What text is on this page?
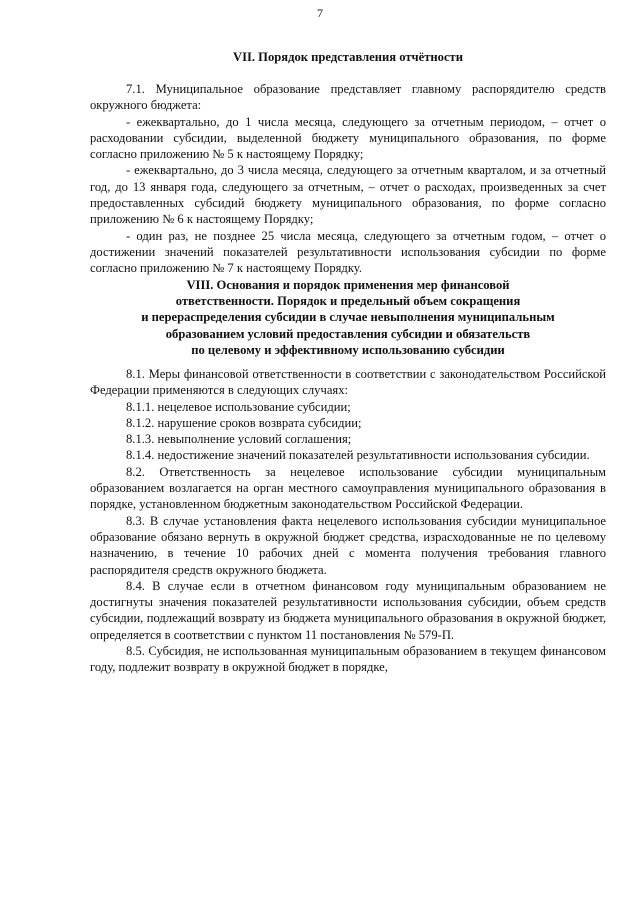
7
VII. Порядок представления отчётности

7.1. Муниципальное образование представляет главному распорядителю средств окружного бюджета:

- ежеквартально, до 1 числа месяца, следующего за отчетным периодом, – отчет о расходовании субсидии, выделенной бюджету муниципального образования, по форме согласно приложению № 5 к настоящему Порядку;

- ежеквартально, до 3 числа месяца, следующего за отчетным кварталом, и за отчетный год, до 13 января года, следующего за отчетным, – отчет о расходах, произведенных за счет предоставленных субсидий бюджету муниципального образования, по форме согласно приложению № 6 к настоящему Порядку;

- один раз, не позднее 25 числа месяца, следующего за отчетным годом, – отчет о достижении значений показателей результативности использования субсидии по форме согласно приложению № 7 к настоящему Порядку.

VIII. Основания и порядок применения мер финансовой
ответственности. Порядок и предельный объем сокращения
и перераспределения субсидии в случае невыполнения муниципальным
образованием условий предоставления субсидии и обязательств
по целевому и эффективному использованию субсидии

8.1. Меры финансовой ответственности в соответствии с законодательством Российской Федерации применяются в следующих случаях:

8.1.1. нецелевое использование субсидии;

8.1.2. нарушение сроков возврата субсидии;

8.1.3. невыполнение условий соглашения;

8.1.4. недостижение значений показателей результативности использования субсидии.

8.2. Ответственность за нецелевое использование субсидии муниципальным образованием возлагается на орган местного самоуправления муниципального образования в порядке, установленном бюджетным законодательством Российской Федерации.

8.3. В случае установления факта нецелевого использования субсидии муниципальное образование обязано вернуть в окружной бюджет средства, израсходованные не по целевому назначению, в течение 10 рабочих дней с момента получения требования главного распорядителя средств окружного бюджета.

8.4. В случае если в отчетном финансовом году муниципальным образованием не достигнуты значения показателей результативности использования субсидии, объем средств субсидии, подлежащий возврату из бюджета муниципального образования в окружной бюджет, определяется в соответствии с пунктом 11 постановления № 579-П.

8.5. Субсидия, не использованная муниципальным образованием в текущем финансовом году, подлежит возврату в окружной бюджет в порядке,
